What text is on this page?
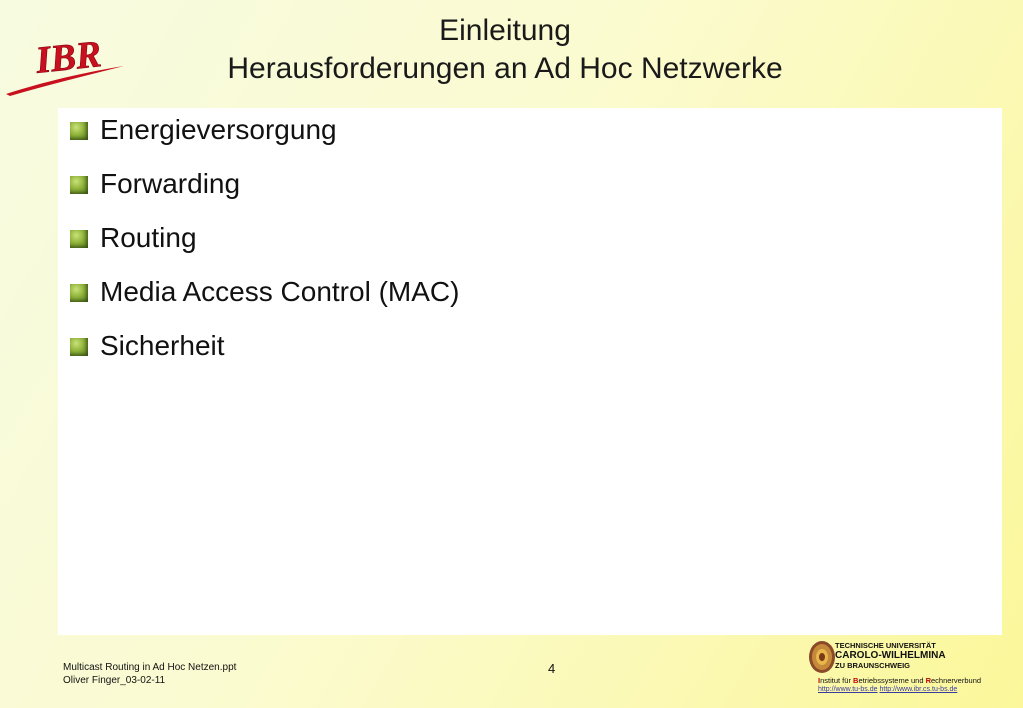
IBR
Einleitung
Herausforderungen an Ad Hoc Netzwerke
Energieversorgung
Forwarding
Routing
Media Access Control (MAC)
Sicherheit
Multicast Routing in Ad Hoc Netzen.ppt
Oliver Finger_03-02-11
4
TECHNISCHE UNIVERSITÄT
CAROLO-WILHELMINA
ZU BRAUNSCHWEIG
Institut für Betriebssysteme und Rechnerverbund
http://www.tu-bs.de http://www.ibr.cs.tu-bs.de
